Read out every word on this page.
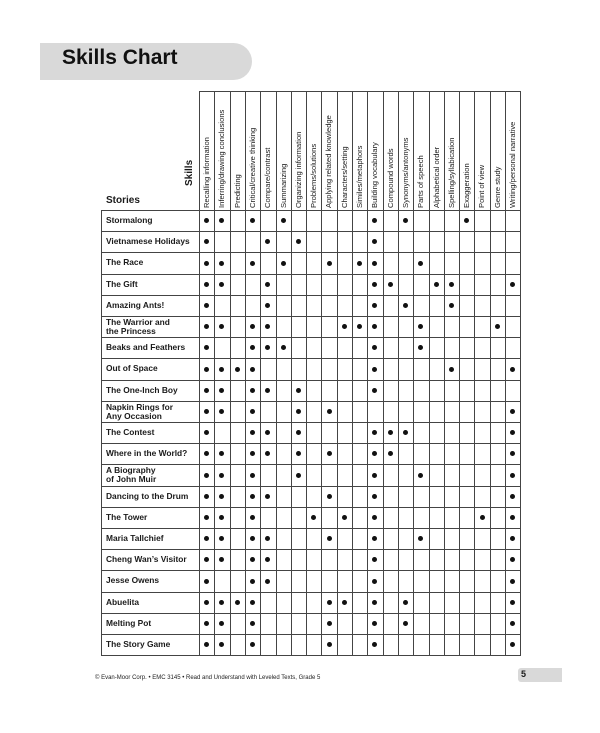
Skills Chart
Stories
Skills Recalling information Inferring/drawing conclusions Predicting Critical/creative thinking Compare/contrast Summarizing Organizing information Problems/solutions Applying related knowledge Characters/setting Similes/metaphors Building vocabulary Compound words Synonyms/antonyms Parts of speech Alphabetical order Spelling/syllabication Exaggeration Point of view Genre study Writing/personal narrative
Stormalong
Vietnamese Holidays
The Race
The Gift
Amazing Ants!
The Warrior and
the Princess
Beaks and Feathers
Out of Space
The One-Inch Boy
Napkin Rings for
Any Occasion
The Contest
Where in the World?
A Biography
of John Muir
Dancing to the Drum
The Tower
Maria Tallchief
Cheng Wan’s Visitor
Jesse Owens
Abuelita
Melting Pot
The Story Game
© Evan-Moor Corp. • EMC 3145 • Read and Understand with Leveled Texts, Grade 5	5
